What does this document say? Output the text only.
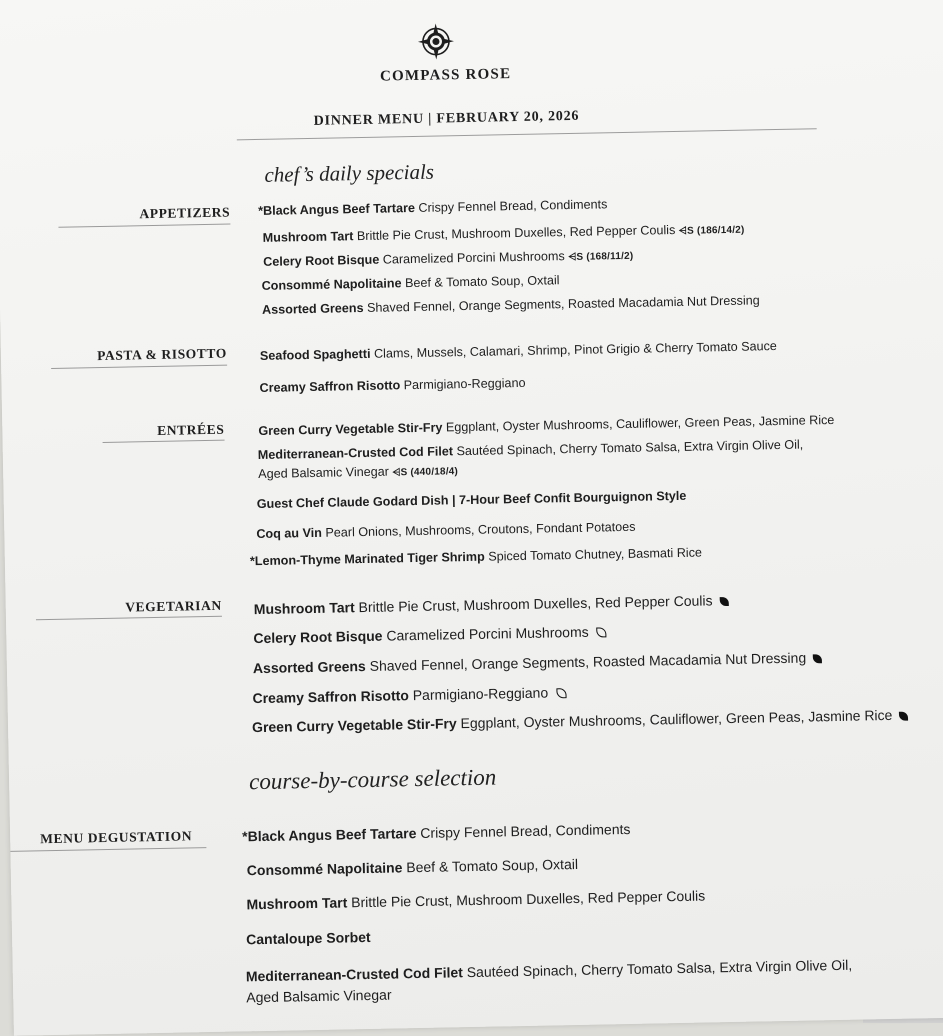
COMPASS ROSE
DINNER MENU | FEBRUARY 20, 2026
chef’s daily specials
APPETIZERS *Black Angus Beef Tartare Crispy Fennel Bread, Condiments
Mushroom Tart Brittle Pie Crust, Mushroom Duxelles, Red Pepper Coulis ⩤S (186/14/2)
Celery Root Bisque Caramelized Porcini Mushrooms ⩤S (168/11/2)
Consommé Napolitaine Beef & Tomato Soup, Oxtail
Assorted Greens Shaved Fennel, Orange Segments, Roasted Macadamia Nut Dressing
PASTA & RISOTTO	Seafood Spaghetti Clams, Mussels, Calamari, Shrimp, Pinot Grigio & Cherry Tomato Sauce
Creamy Saffron Risotto Parmigiano-Reggiano
ENTRÉES	Green Curry Vegetable Stir-Fry Eggplant, Oyster Mushrooms, Cauliflower, Green Peas, Jasmine Rice
Mediterranean-Crusted Cod Filet Sautéed Spinach, Cherry Tomato Salsa, Extra Virgin Olive Oil,
Aged Balsamic Vinegar ⩤S (440/18/4)
Guest Chef Claude Godard Dish | 7-Hour Beef Confit Bourguignon Style
Coq au Vin Pearl Onions, Mushrooms, Croutons, Fondant Potatoes
*Lemon-Thyme Marinated Tiger Shrimp Spiced Tomato Chutney, Basmati Rice
VEGETARIAN Mushroom Tart Brittle Pie Crust, Mushroom Duxelles, Red Pepper Coulis
Celery Root Bisque Caramelized Porcini Mushrooms
Assorted Greens Shaved Fennel, Orange Segments, Roasted Macadamia Nut Dressing
Creamy Saffron Risotto Parmigiano-Reggiano
Green Curry Vegetable Stir-Fry Eggplant, Oyster Mushrooms, Cauliflower, Green Peas, Jasmine Rice
course-by-course selection
MENU DEGUSTATION	*Black Angus Beef Tartare Crispy Fennel Bread, Condiments
Consommé Napolitaine Beef & Tomato Soup, Oxtail
Mushroom Tart Brittle Pie Crust, Mushroom Duxelles, Red Pepper Coulis
Cantaloupe Sorbet
Mediterranean-Crusted Cod Filet Sautéed Spinach, Cherry Tomato Salsa, Extra Virgin Olive Oil,
Aged Balsamic Vinegar
